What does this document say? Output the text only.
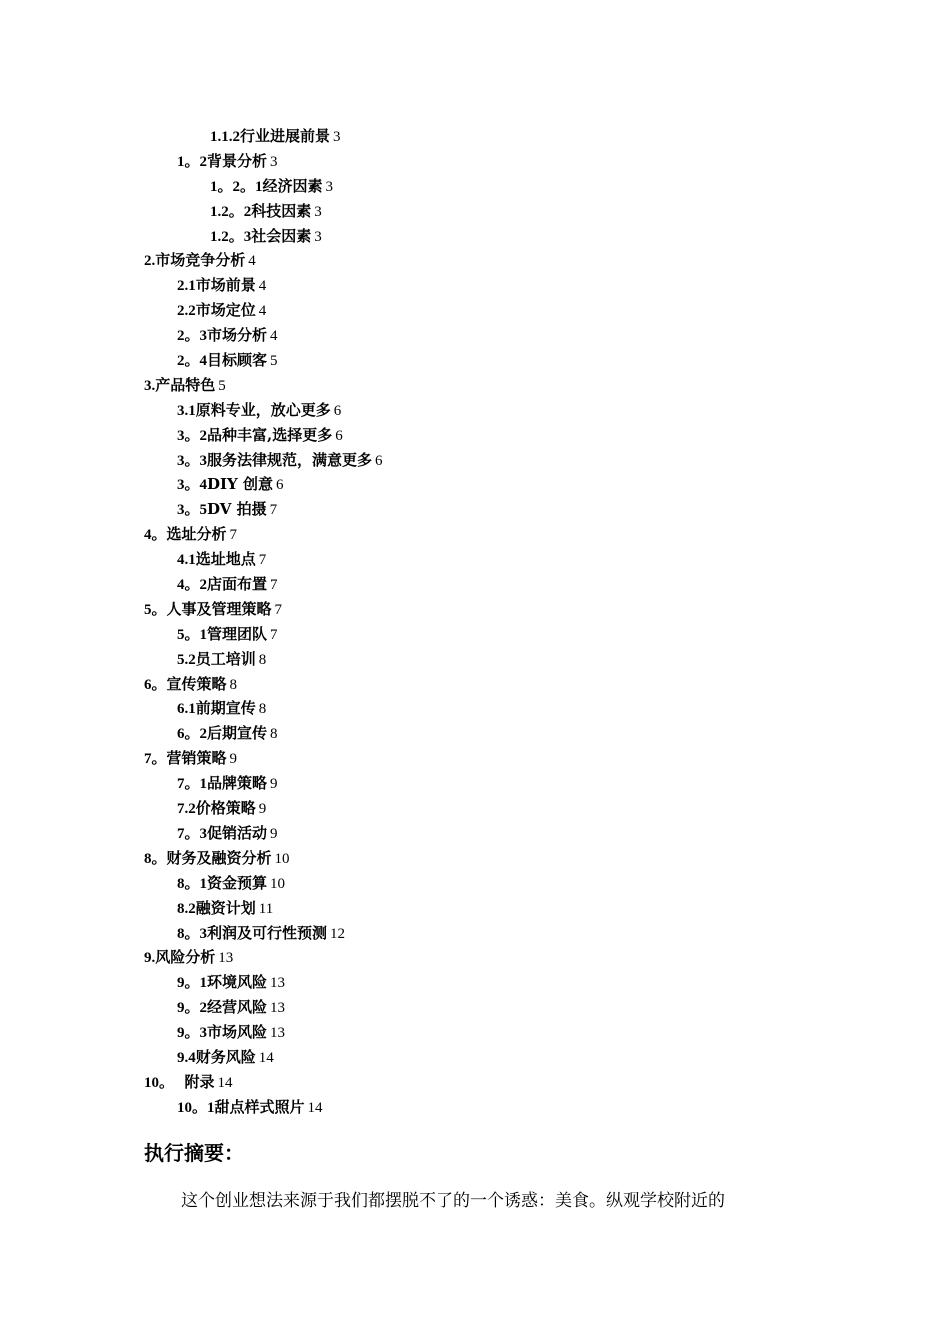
1.1.2行业进展前景 3
1。2背景分析 3
1。2。1经济因素 3
1.2。2科技因素 3
1.2。3社会因素 3
2.市场竞争分析 4
2.1市场前景 4
2.2市场定位 4
2。3市场分析 4
2。4目标顾客 5
3.产品特色 5
3.1原料专业，放心更多 6
3。2品种丰富,选择更多 6
3。3服务法律规范，满意更多 6
3。4DIY 创意 6
3。5DV 拍摄 7
4。选址分析 7
4.1选址地点 7
4。2店面布置 7
5。人事及管理策略 7
5。1管理团队 7
5.2员工培训 8
6。宣传策略 8
6.1前期宣传 8
6。2后期宣传 8
7。营销策略 9
7。1品牌策略 9
7.2价格策略 9
7。3促销活动 9
8。财务及融资分析 10
8。1资金预算 10
8.2融资计划 11
8。3利润及可行性预测 12
9.风险分析 13
9。1环境风险 13
9。2经营风险 13
9。3市场风险 13
9.4财务风险 14
10。  附录 14
10。1甜点样式照片 14
执行摘要：

这个创业想法来源于我们都摆脱不了的一个诱惑：美食。纵观学校附近的
